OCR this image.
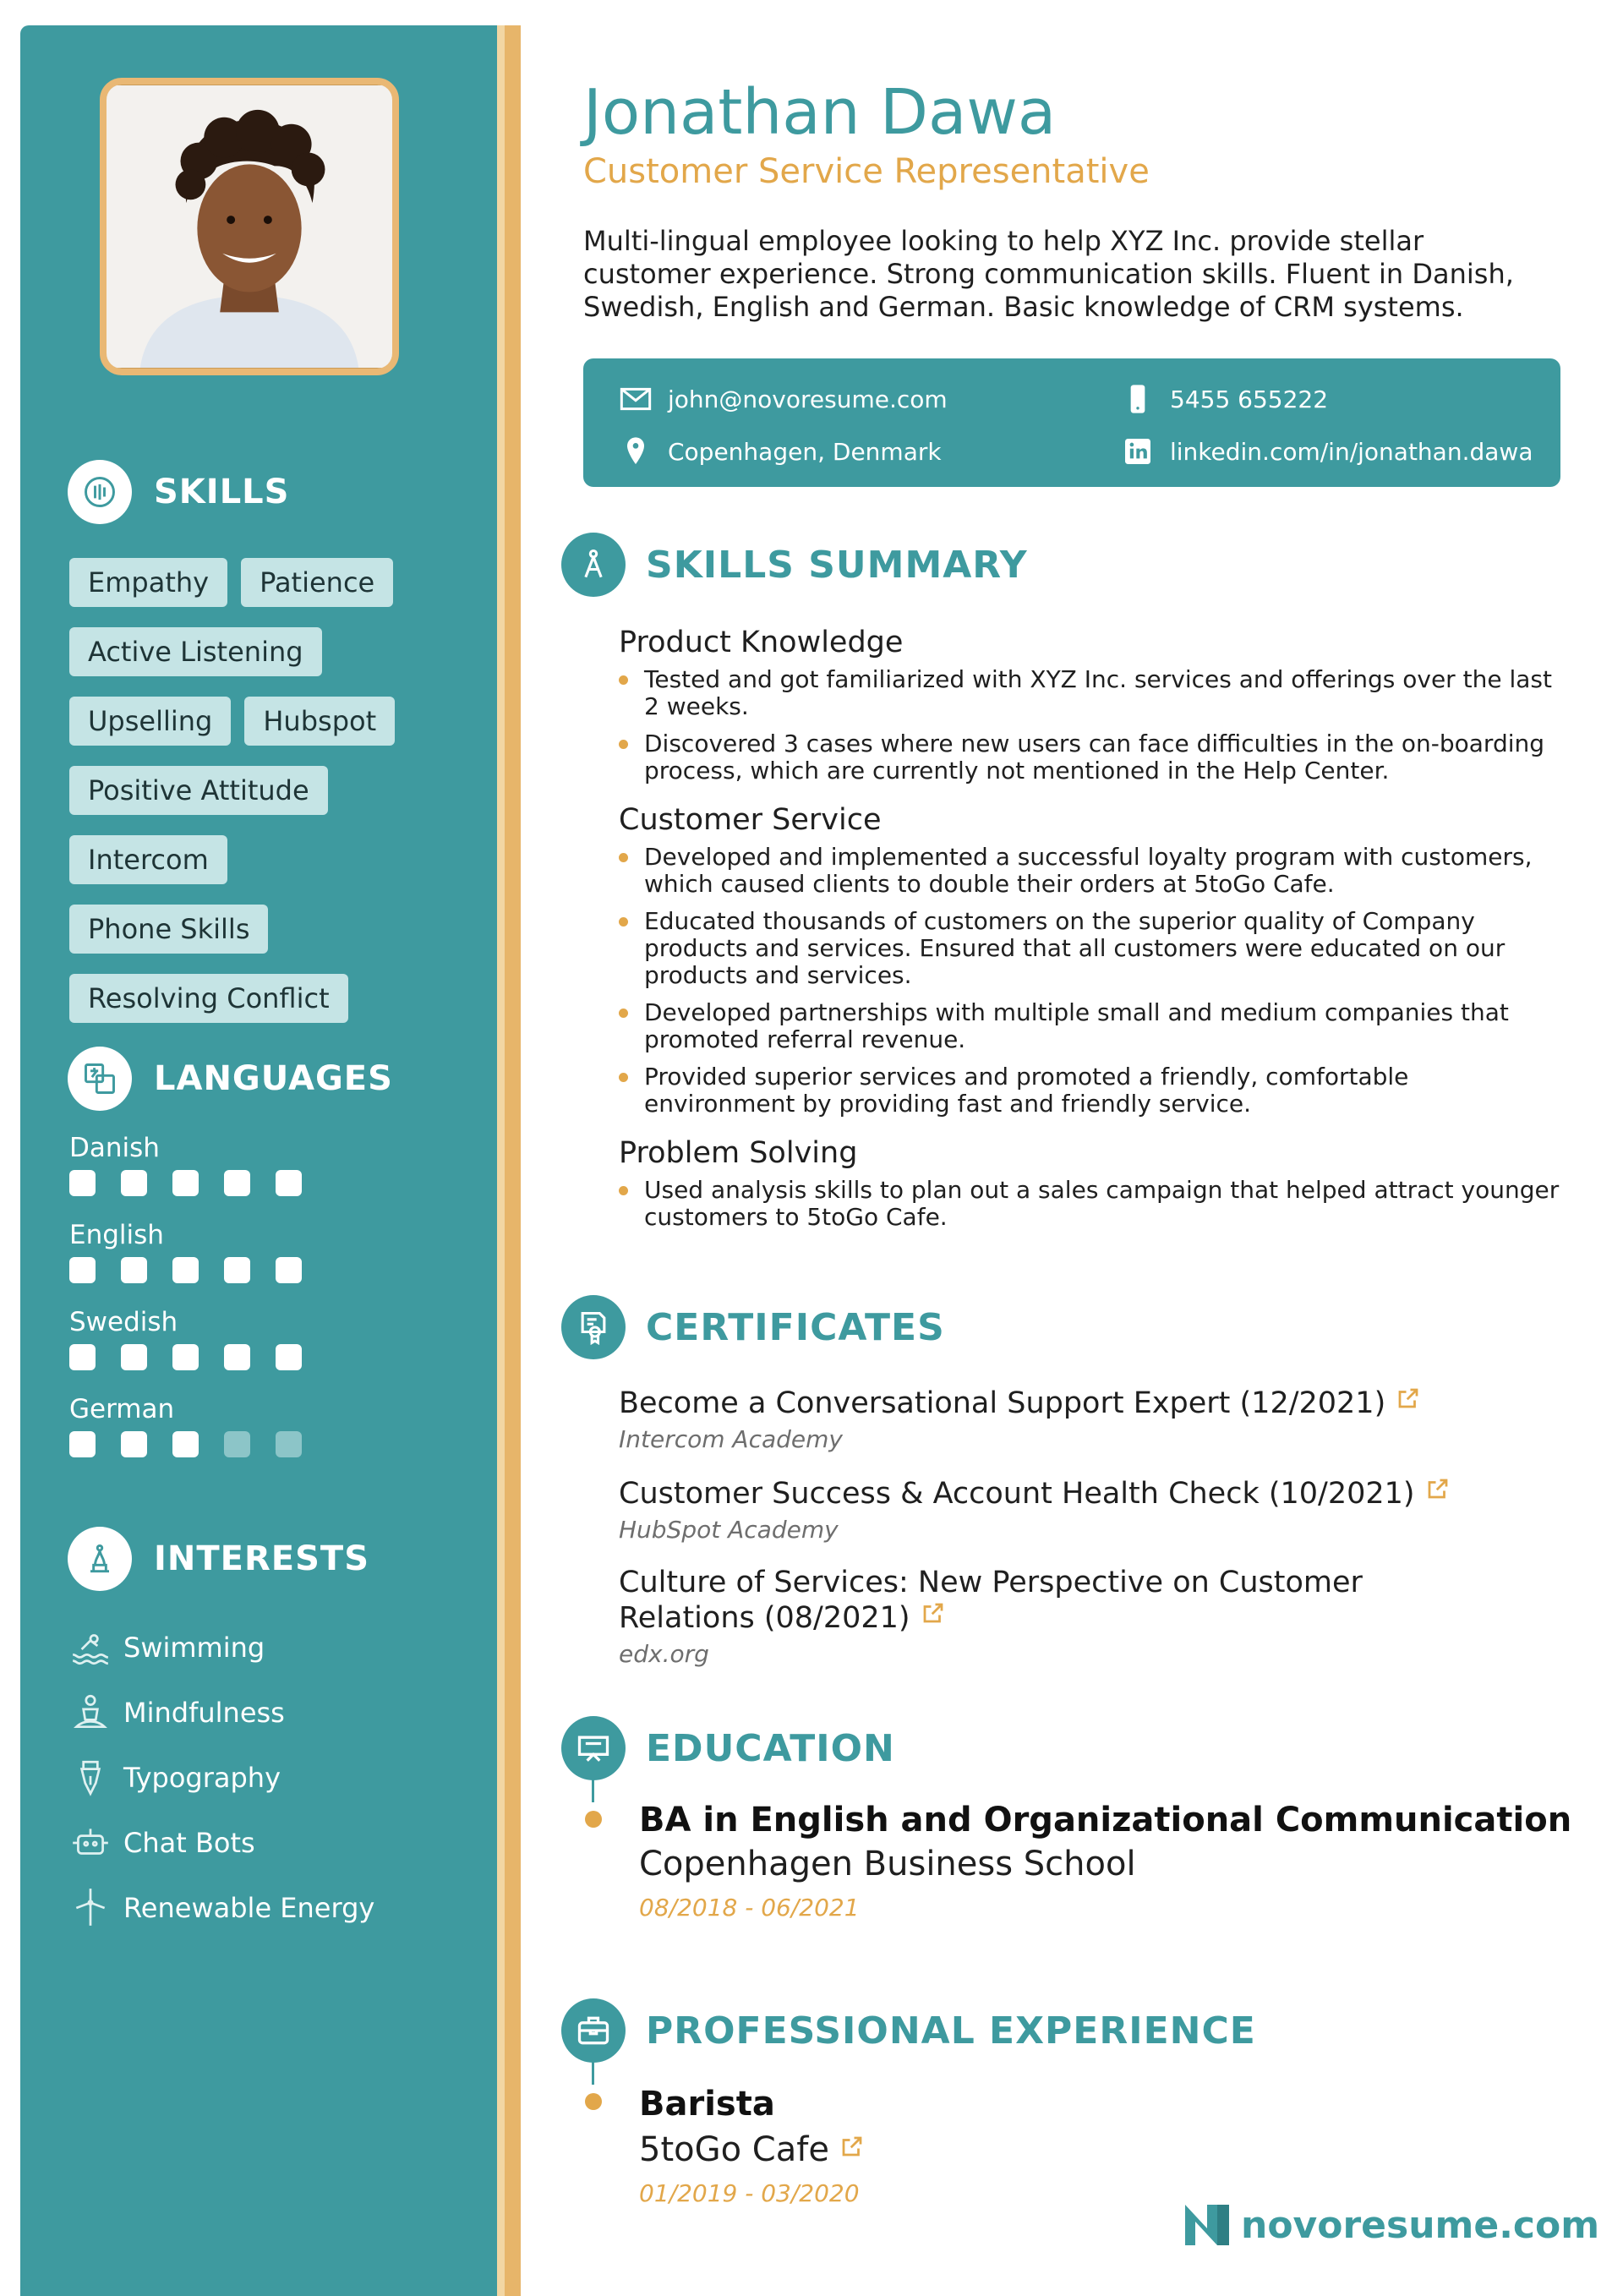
SKILLS
Empathy	Patience
Active Listening
Upselling	Hubspot
Positive Attitude
Intercom
Phone Skills
Resolving Conflict
LANGUAGES
Danish
English
Swedish
German
INTERESTS
Swimming
Mindfulness
Typography
Chat Bots
Renewable Energy
Jonathan Dawa
Customer Service Representative
Multi-lingual employee looking to help XYZ Inc. provide stellar customer experience. Strong communication skills. Fluent in Danish, Swedish, English and German. Basic knowledge of CRM systems.
john@novoresume.com	5455 655222
Copenhagen, Denmark	linkedin.com/in/jonathan.dawa
SKILLS SUMMARY
Product Knowledge
Tested and got familiarized with XYZ Inc. services and offerings over the last 2 weeks.
Discovered 3 cases where new users can face difficulties in the on-boarding process, which are currently not mentioned in the Help Center.
Customer Service
Developed and implemented a successful loyalty program with customers, which caused clients to double their orders at 5toGo Cafe.
Educated thousands of customers on the superior quality of Company products and services. Ensured that all customers were educated on our products and services.
Developed partnerships with multiple small and medium companies that promoted referral revenue.
Provided superior services and promoted a friendly, comfortable environment by providing fast and friendly service.
Problem Solving
Used analysis skills to plan out a sales campaign that helped attract younger customers to 5toGo Cafe.
CERTIFICATES
Become a Conversational Support Expert (12/2021)
Intercom Academy
Customer Success & Account Health Check (10/2021)
HubSpot Academy
Culture of Services: New Perspective on Customer Relations (08/2021)
edx.org
EDUCATION
BA in English and Organizational Communication
Copenhagen Business School
08/2018 - 06/2021
PROFESSIONAL EXPERIENCE
Barista
5toGo Cafe
01/2019 - 03/2020
novoresume.com
